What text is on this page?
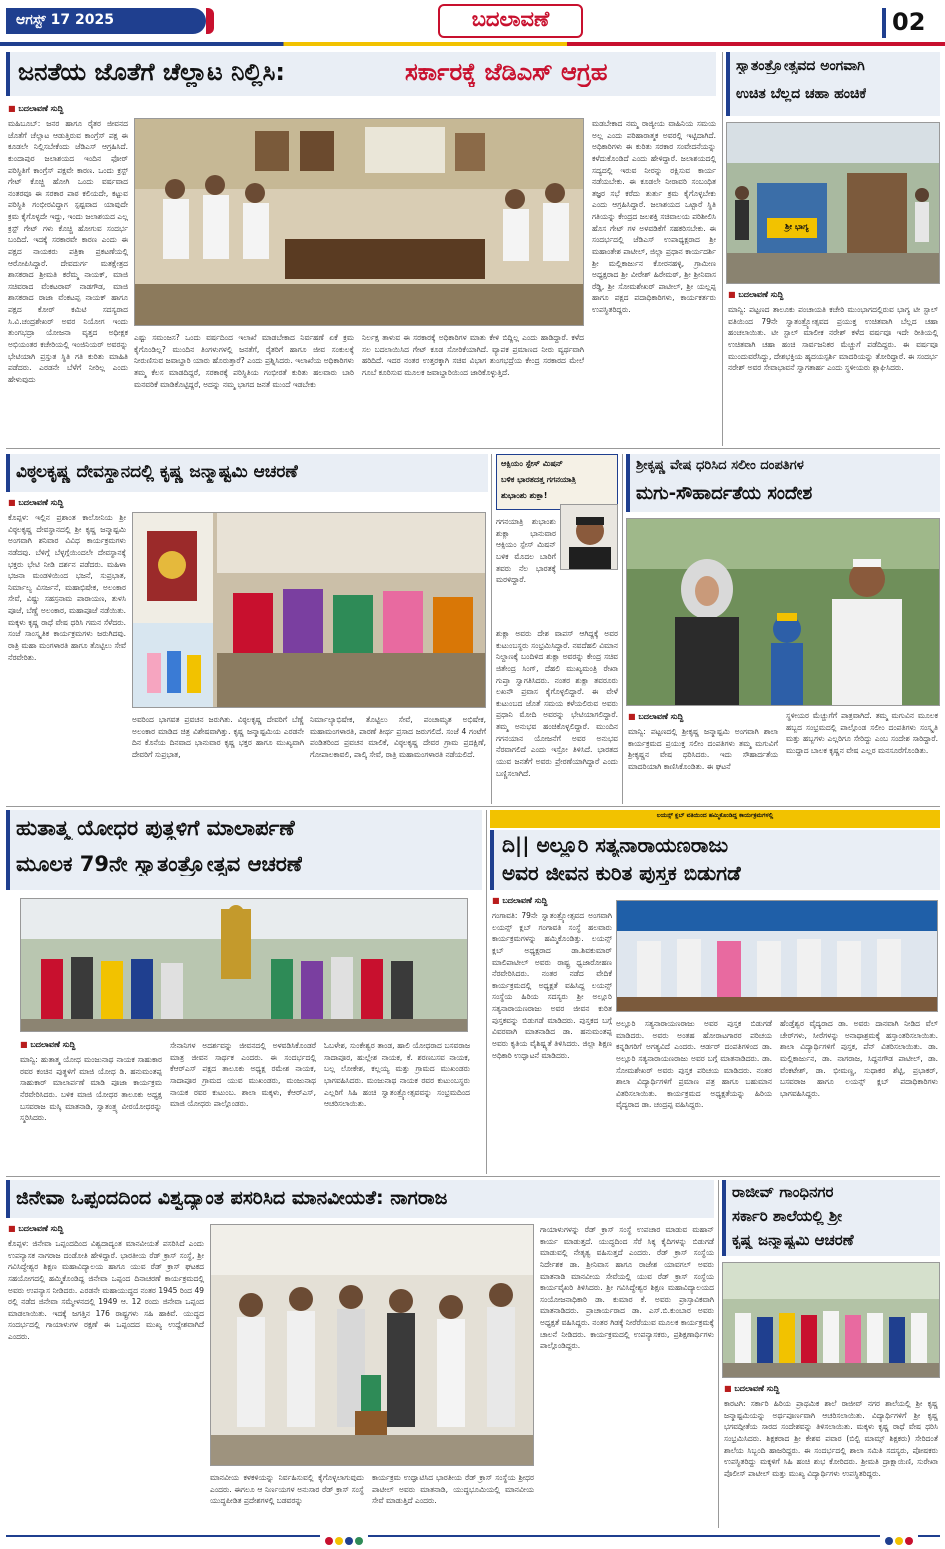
ಆಗಸ್ಟ್ 17 2025	ಬದಲಾವಣೆ	02
ಜನತೆಯ ಜೊತೆಗೆ ಚೆಲ್ಲಾಟ ನಿಲ್ಲಿಸಿ:	ಸರ್ಕಾರಕ್ಕೆ ಜೆಡಿಎಸ್ ಆಗ್ರಹ
■ ಬದಲಾವಣೆ ಸುದ್ದಿ
ಮಹಿಬೂಬ್: ಜನರ ಹಾಗೂ ರೈತರ ಜೀವನದ ಜೊತೆಗೆ ಚೆಲ್ಲಾಟ ಆಡುತ್ತಿರುವ ಕಾಂಗ್ರೆಸ್ ಪಕ್ಷ ಈ ಕೂಡಲೇ ನಿಲ್ಲಿಸಬೇಕೆಂದು ಜೆಡಿಎಸ್ ಆಗ್ರಹಿಸಿದೆ. ಕುಂದಾಪುರ ಜಲಾಶಯದ ಇಂದಿನ ಫೋರ್ ಪರಿಸ್ಥಿತಿಗೆ ಕಾಂಗ್ರೆಸ್ ಪಕ್ಷವೇ ಕಾರಣ. ಒಂದು ಕ್ರಸ್ಟ್ ಗೇಟ್ ಕೊಚ್ಚಿ ಹೋಗಿ ಒಂದು ವರ್ಷವಾದ ನಂತರವೂ ಈ ಸರಕಾರ ಪಾಠ ಕಲಿಯದೇ, ಕಟ್ಟುವ ಪರಿಸ್ಥಿತಿ ಗಂಭೀರವಿದ್ದಾಗ ಸ್ಪಷ್ಟವಾದ ಯಾವುದೇ ಕ್ರಮ ಕೈಗೊಳ್ಳದೇ ಇದ್ದು, ಇಂದು ಜಲಾಶಯದ ಎಲ್ಲ ಕ್ರಸ್ಟ್ ಗೇಟ್ ಗಳು ಕೊಚ್ಚಿ ಹೋಗುವ ಸಂದರ್ಭ ಬಂದಿದೆ. ಇದಕ್ಕೆ ಸರಕಾರವೇ ಕಾರಣ ಎಂದು ಈ ಪಕ್ಷದ ನಾಯಕರು ಪತ್ರಿಕಾ ಪ್ರಕಟಣೆಯಲ್ಲಿ ಆರೋಪಿಸಿದ್ದಾರೆ. ದೇವದುರ್ಗ ಮತಕ್ಷೇತ್ರದ ಶಾಸಕರಾದ ಶ್ರೀಮತಿ ಕರೆಮ್ಮ ನಾಯಕ್, ಮಾಜಿ ಸಚಿವರಾದ ವೆಂಕಟರಾವ್ ನಾಡಗೌಡ, ಮಾಜಿ ಶಾಸಕರಾದ ರಾಜಾ ವೆಂಕಟಪ್ಪ ನಾಯಕ್ ಹಾಗೂ ಪಕ್ಷದ ಕೋರ್ ಕಮಿಟಿ ಸದಸ್ಯರಾದ ಸಿ.ವಿ.ಚಂದ್ರಶೇಖರ್ ಅವರ ನಿಯೋಗ ಇಂದು ತುಂಗಭದ್ರಾ ಯೋಜನಾ ವೃತ್ತದ ಅಧೀಕ್ಷಕ ಅಭಿಯಂತರ ಕಚೇರಿಯಲ್ಲಿ ಇಂಜಿನಿಯರ್ ಅವರನ್ನು ಭೇಟಿಯಾಗಿ ಪ್ರಸ್ತುತ ಸ್ಥಿತಿ ಗತಿ ಕುರಿತು ಮಾಹಿತಿ ಪಡೆದರು. ಎರಡನೇ ಬೆಳೆಗೆ ನೀರಿಲ್ಲ ಎಂದು ಹೇಳುವುದು
ಎಷ್ಟು ಸಮಂಜಸ? ಒಂದು ವರ್ಷದಿಂದ ಇಲಾಖೆ ಮಾಡಬೇಕಾದ ನಿರ್ವಹಣೆ ಏಕೆ ಕ್ರಮ ಕೈಗೊಂಡಿಲ್ಲ? ಮುಂದಿನ ತಿಂಗಳುಗಳಲ್ಲಿ ಜನತೆಗೆ, ರೈತರಿಗೆ ಹಾಗೂ ಜೀವ ಸಂಕುಲಕ್ಕೆ ನೀರುಣಿಸುವ ಜವಾಬ್ದಾರಿ ಯಾರು ಹೊರುತ್ತಾರೆ? ಎಂದು ಪ್ರಶ್ನಿಸಿದರು. ಇಲಾಖೆಯ ಅಧಿಕಾರಿಗಳು ತಮ್ಮ ಕೆಲಸ ಮಾಡದಿದ್ದರೆ, ಸರಕಾರಕ್ಕೆ ಪರಿಸ್ಥಿತಿಯ ಗಂಭೀರತೆ ಕುರಿತು ಹಲವಾರು ಬಾರಿ ಮನವರಿಕೆ ಮಾಡಿಕೊಟ್ಟಿದ್ದರೆ, ಅದನ್ನು ನಮ್ಮ ಭಾಗದ ಜನತೆ ಮುಂದೆ ಇಡಬೇಕು
ನಿರ್ಲಕ್ಷ ತಾಳುವ ಈ ಸರಕಾರಕ್ಕೆ ಅಧಿಕಾರಿಗಳ ಮಾತು ಕೇಳಿ ಬಿದ್ದಿಲ್ಲ ಎಂದು ಹಾಡಿದ್ದಾರೆ. ಕಳೆದ ಸಲ ಬದಲಾಯಿಸಿದ ಗೇಟ್ ಕೂಡ ಸೋರಿಕೆಯಾಗಿದೆ. ವ್ಯಾಪಕ ಪ್ರಮಾಣದ ನೀರು ವ್ಯರ್ಥವಾಗಿ ಹರಿದಿದೆ. ಇದರ ನಂತರ ಉತ್ತರಕ್ಕಾಗಿ ಸಚಿವ ವಿಭಾಗ ತುಂಗಭದ್ರೆಯ ಕೇಂದ್ರ ಸರಕಾರದ ಮೇಲೆ ಗೂಬೆ ಕೂರಿಸುವ ಮೂಲಕ ಜವಾಬ್ದಾರಿಯಿಂದ ಜಾರಿಕೊಳ್ಳುತ್ತಿದೆ.
ಮಡಬೇಕಾದ ನಮ್ಮ ರಾಜ್ಯೀಯ ವಾಹಿನಿಯ ಸಮಯ ಅಲ್ಲ ಎಂದು ಪರಿಹಾರಾತ್ಮಕ ಅವರಲ್ಲಿ ಇಟ್ಟಿದಾಗಿದೆ. ಅಧಿಕಾರಿಗಳು ಈ ಕುರಿತು ಸರಕಾರ ಸಂವೇದನೆಯನ್ನು ಕಳೆದುಕೊಂಡಿದೆ ಎಂದು ಹೇಳಿದ್ದಾರೆ. ಜಲಾಶಯದಲ್ಲಿ ಸದ್ಯದಲ್ಲಿ ಇರುವ ನೀರನ್ನು ರಕ್ಷಿಸುವ ಕಾರ್ಯ ನಡೆಯಬೇಕು. ಈ ಕೂಡಲೇ ನೀರಾವರಿ ಸಂಬಂಧಿತ ತಜ್ಞರ ಸಭೆ ಕರೆದು ತುರ್ತು ಕ್ರಮ ಕೈಗೊಳ್ಳಬೇಕು ಎಂದು ಆಗ್ರಹಿಸಿದ್ದಾರೆ. ಜಲಾಶಯದ ಒಟ್ಟಾರೆ ಸ್ಥಿತಿ ಗತಿಯನ್ನು ಕೇಂದ್ರದ ಜಲಶಕ್ತಿ ಸಚಿವಾಲಯ ಪರಿಶೀಲಿಸಿ ಹೊಸ ಗೇಟ್ ಗಳ ಅಳವಡಿಕೆಗೆ ಸಹಕರಿಸಬೇಕು. ಈ ಸಂದರ್ಭದಲ್ಲಿ ಜೆಡಿಎಸ್ ಉಪಾಧ್ಯಕ್ಷರಾದ ಶ್ರೀ ಮಹಾಂತೇಶ ಪಾಟೀಲ್, ಜಿಲ್ಲಾ ಪ್ರಧಾನ ಕಾರ್ಯದರ್ಶಿ ಶ್ರೀ ಮಲ್ಲಿಕಾರ್ಜುನ ಕೋರನಹಳ್ಳಿ, ಗ್ರಾಮೀಣ ಅಧ್ಯಕ್ಷರಾದ ಶ್ರೀ ವೀರೇಶ್ ಹಿರೇಮಠ್, ಶ್ರೀ ಶ್ರೀನಿವಾಸ ರೆಡ್ಡಿ, ಶ್ರೀ ಸೋಮಶೇಖರ್ ಪಾಟೀಲ್, ಶ್ರೀ ಯಲ್ಲಪ್ಪ ಹಾಗೂ ಪಕ್ಷದ ಪದಾಧಿಕಾರಿಗಳು, ಕಾರ್ಯಕರ್ತರು ಉಪಸ್ಥಿತರಿದ್ದರು.
ಸ್ವಾತಂತ್ರ್ಯೋತ್ಸವದ ಅಂಗವಾಗಿ
ಉಚಿತ ಬೆಲ್ಲದ ಚಹಾ ಹಂಚಿಕೆ
ಶ್ರೀ ಭಾಗ್ಯ
■ ಬದಲಾವಣೆ ಸುದ್ದಿ
ಮಾನ್ವಿ: ಪಟ್ಟಣದ ತಾಲೂಕು ಪಂಚಾಯತಿ ಕಚೇರಿ ಮುಂಭಾಗದಲ್ಲಿರುವ ಭಾಗ್ಯ ಟೀ ಸ್ಟಾಲ್ ವತಿಯಿಂದ 79ನೇ ಸ್ವಾತಂತ್ರ್ಯೋತ್ಸವದ ಪ್ರಯುಕ್ತ ಉಚಿತವಾಗಿ ಬೆಲ್ಲದ ಚಹಾ ಹಂಚಲಾಯಿತು. ಟೀ ಸ್ಟಾಲ್ ಮಾಲೀಕ ನರೇಶ್ ಕಳೆದ ವರ್ಷವೂ ಇದೇ ರೀತಿಯಲ್ಲಿ ಉಚಿತವಾಗಿ ಚಹಾ ಹಂಚಿ ಸಾರ್ವಜನಿಕರ ಮೆಚ್ಚುಗೆ ಪಡೆದಿದ್ದರು. ಈ ವರ್ಷವೂ ಮುಂದುವರೆಸಿದ್ದು, ದೇಶಭಕ್ತಿಯ ಹೃದಯಸ್ಪರ್ಶಿ ಮಾದರಿಯನ್ನು ತೋರಿದ್ದಾರೆ. ಈ ಸಂದರ್ಭ ನರೇಶ್ ಅವರ ಸೇವಾಭಾವನೆ ಸ್ವಾಗತಾರ್ಹ ಎಂದು ಸ್ಥಳೀಯರು ಶ್ಲಾಘಿಸಿದರು.
ವಿಠ್ಠಲಕೃಷ್ಣ ದೇವಸ್ಥಾನದಲ್ಲಿ ಕೃಷ್ಣ ಜನ್ಮಾಷ್ಟಮಿ ಆಚರಣೆ
■ ಬದಲಾವಣೆ ಸುದ್ದಿ
ಕೊಪ್ಪಳ: ಇಲ್ಲಿನ ಪ್ರಶಾಂತ ಕಾಲೋನಿಯ ಶ್ರೀ ವಿಠ್ಠಲಕೃಷ್ಣ ದೇವಸ್ಥಾನದಲ್ಲಿ ಶ್ರೀ ಕೃಷ್ಣ ಜನ್ಮಾಷ್ಟಮಿ ಅಂಗವಾಗಿ ಶನಿವಾರ ವಿವಿಧ ಕಾರ್ಯಕ್ರಮಗಳು ನಡೆದವು. ಬೆಳಿಗ್ಗೆ ಬೆಳ್ಳಗ್ಗೆಯಿಂದಲೇ ದೇವಸ್ಥಾನಕ್ಕೆ ಭಕ್ತರು ಭೇಟಿ ನೀಡಿ ದರ್ಶನ ಪಡೆದರು. ಮಹಿಳಾ ಭಜನಾ ಮಂಡಳಿಯಿಂದ ಭಜನೆ, ಸುಪ್ರಭಾತ, ನಿರ್ಮಾಲ್ಯ ವಿಸರ್ಜನೆ, ಮಹಾಭಿಷೇಕ, ಅಲಂಕಾರ ಸೇವೆ, ವಿಷ್ಣು ಸಹಸ್ರನಾಮ ಪಾರಾಯಣ, ತುಳಸಿ ಪೂಜೆ, ಬೆಣ್ಣೆ ಅಲಂಕಾರ, ಮಹಾಪೂಜೆ ನಡೆಯಿತು. ಮಕ್ಕಳು ಕೃಷ್ಣ ರಾಧೆ ವೇಷ ಧರಿಸಿ ಗಮನ ಸೆಳೆದರು. ಸಂಜೆ ಸಾಂಸ್ಕೃತಿಕ ಕಾರ್ಯಕ್ರಮಗಳು ಜರುಗಿದವು. ರಾತ್ರಿ ಮಹಾ ಮಂಗಳಾರತಿ ಹಾಗೂ ತೊಟ್ಟಿಲು ಸೇವೆ ನೆರವೇರಿತು.
ಅವರಿಂದ ಭಾಗವತ ಪ್ರವಚನ ಜರುಗಿತು. ವಿಠ್ಠಲಕೃಷ್ಣ ದೇವರಿಗೆ ಬೆಣ್ಣೆ ಅಲಂಕಾರ ಮಾಡಿದ ಚಿತ್ರ ವಿಶೇಷವಾಗಿತ್ತು. ಕೃಷ್ಣ ಜನ್ಮಾಷ್ಟಮಿಯ ಎರಡನೇ ದಿನ ಕೊನೆಯ ದಿನವಾದ ಭಾನುವಾರ ಕೃಷ್ಣ ಭಕ್ತರ ಹಾಗೂ ಮುಖ್ಯವಾಗಿ ದೇವರಿಗೆ ಸುಪ್ರಭಾತ,
ನಿರ್ಮಾಲ್ಯಾಭಿಷೇಕ, ತೊಟ್ಟಿಲು ಸೇವೆ, ಪಂಚಾಮೃತ ಅಭಿಷೇಕ, ಮಹಾಮಂಗಳಾರತಿ, ಪಾರಣೆ ತೀರ್ಥ ಪ್ರಸಾದ ಜರುಗಲಿದೆ. ಸಂಜೆ 4 ಗಂಟೆಗೆ ಪಂಡಿತರಿಂದ ಪ್ರವಚನ ಮಾಲಿಕೆ, ವಿಠ್ಠಲಕೃಷ್ಣ ದೇವರ ಗ್ರಾಮ ಪ್ರದಕ್ಷಿಣೆ, ಗೋಪಾಲಕಾವಲಿ, ಪಾಲ್ಕಿ ಸೇವೆ, ರಾತ್ರಿ ಮಹಾಮಂಗಳಾರತಿ ನಡೆಯಲಿದೆ.
ಆಕ್ಸಿಯಂ ಸ್ಪೇಸ್ ಮಿಷನ್
ಬಳಿಕ ಭಾರತದತ್ತ ಗಗನಯಾತ್ರಿ
ಶುಭಾಂಶು ಶುಕ್ಲಾ!
ಗಗನಯಾತ್ರಿ ಶುಭಾಂಶು ಶುಕ್ಲಾ ಭಾನುವಾರ ಆಕ್ಸಿಯಂ ಸ್ಪೇಸ್ ಮಿಷನ್ ಬಳಿಕ ಮೊದಲ ಬಾರಿಗೆ ತವರು ನೆಲ ಭಾರತಕ್ಕೆ ಮರಳಿದ್ದಾರೆ.
ಶುಕ್ಲಾ ಅವರು ದೇಶ ವಾಪಸ್ ಆಗಿದ್ದಕ್ಕೆ ಅವರ ಕುಟುಂಬಸ್ಥರು ಸಂಭ್ರಮಿಸಿದ್ದಾರೆ. ನವದೆಹಲಿ ವಿಮಾನ ನಿಲ್ದಾಣಕ್ಕೆ ಬಂದಿಳಿದ ಶುಕ್ಲಾ ಅವರನ್ನು ಕೇಂದ್ರ ಸಚಿವ ಜಿತೇಂದ್ರ ಸಿಂಗ್, ದೆಹಲಿ ಮುಖ್ಯಮಂತ್ರಿ ರೇಖಾ ಗುಪ್ತಾ ಸ್ವಾಗತಿಸಿದರು. ನಂತರ ಶುಕ್ಲಾ ತವರೂರು ಲಖನೌ ಪ್ರವಾಸ ಕೈಗೊಳ್ಳಲಿದ್ದಾರೆ. ಈ ವೇಳೆ ಕುಟುಂಬದ ಜೊತೆ ಸಮಯ ಕಳೆಯಲಿರುವ ಅವರು ಪ್ರಧಾನಿ ಮೋದಿ ಅವರನ್ನು ಭೇಟಿಯಾಗಲಿದ್ದಾರೆ. ತಮ್ಮ ಅನುಭವ ಹಂಚಿಕೊಳ್ಳಲಿದ್ದಾರೆ. ಮುಂದಿನ ಗಗನಯಾನ ಯೋಜನೆಗೆ ಅವರ ಅನುಭವ ನೆರವಾಗಲಿದೆ ಎಂದು ಇಸ್ರೋ ತಿಳಿಸಿದೆ. ಭಾರತದ ಯುವ ಜನತೆಗೆ ಅವರು ಪ್ರೇರಣೆಯಾಗಿದ್ದಾರೆ ಎಂದು ಬಣ್ಣಿಸಲಾಗಿದೆ.
ಶ್ರೀಕೃಷ್ಣ ವೇಷ ಧರಿಸಿದ ಸಲೀಂ ದಂಪತಿಗಳ
ಮಗು-ಸೌಹಾರ್ದತೆಯ ಸಂದೇಶ
■ ಬದಲಾವಣೆ ಸುದ್ದಿ
ಮಾನ್ವಿ: ಪಟ್ಟಣದಲ್ಲಿ ಶ್ರೀಕೃಷ್ಣ ಜನ್ಮಾಷ್ಟಮಿ ಅಂಗವಾಗಿ ಶಾಲಾ ಕಾರ್ಯಕ್ರಮದ ಪ್ರಯುಕ್ತ ಸಲೀಂ ದಂಪತಿಗಳು ತಮ್ಮ ಮಗುವಿಗೆ ಶ್ರೀಕೃಷ್ಣನ ವೇಷ ಧರಿಸಿದರು. ಇದು ಸೌಹಾರ್ದತೆಯ ಮಾದರಿಯಾಗಿ ಕಾಣಿಸಿಕೊಂಡಿತು. ಈ ಘಟನೆ
ಸ್ಥಳೀಯರ ಮೆಚ್ಚುಗೆಗೆ ಪಾತ್ರವಾಗಿದೆ. ತಮ್ಮ ಮಗುವಿನ ಮೂಲಕ ಹಬ್ಬದ ಸಂಭ್ರಮದಲ್ಲಿ ಪಾಲ್ಗೊಂಡ ಸಲೀಂ ದಂಪತಿಗಳು ಸಂಸ್ಕೃತಿ ಮತ್ತು ಹಬ್ಬಗಳು ಎಲ್ಲರಿಗೂ ಸೇರಿದ್ದು ಎಂಬ ಸಂದೇಶ ಸಾರಿದ್ದಾರೆ. ಮುದ್ದಾದ ಬಾಲಕ ಕೃಷ್ಣನ ವೇಷ ಎಲ್ಲರ ಮನಸೂರೆಗೊಂಡಿತು.
ಹುತಾತ್ಮ ಯೋಧರ ಪುತ್ಥಳಿಗೆ ಮಾಲಾರ್ಪಣೆ
ಮೂಲಕ 79ನೇ ಸ್ವಾತಂತ್ರ್ಯೋತ್ಸವ ಆಚರಣೆ
■ ಬದಲಾವಣೆ ಸುದ್ದಿ
ಮಾನ್ವಿ: ಹುತಾತ್ಮ ಯೋಧ ಮಂಜುನಾಥ ನಾಯಕ ಸಾಹುಕಾರ ರವರ ಕಂಚಿನ ಪುತ್ಥಳಿಗೆ ಮಾಜಿ ಯೋಧ ಡಿ. ಹನುಮಂತಪ್ಪ ಸಾಹುಕಾರ್ ಮಾಲಾರ್ಪಣೆ ಮಾಡಿ ಪೂಜಾ ಕಾರ್ಯಕ್ರಮ ನೆರವೇರಿಸಿದರು. ಬಳಿಕ ಮಾಜಿ ಯೋಧರ ತಾಲೂಕು ಅಧ್ಯಕ್ಷ ಬಸವರಾಜ ಮಸ್ಕಿ ಮಾತನಾಡಿ, ಸ್ವಾತಂತ್ರ್ಯ ವೀರಯೋಧರನ್ನು ಸ್ಮರಿಸಿದರು.
ಸೇನಾನಿಗಳ ಅದರ್ಶವನ್ನು ಜೀವನದಲ್ಲಿ ಅಳವಡಿಸಿಕೊಂಡರೆ ಮಾತ್ರ ಜೀವನ ಸಾರ್ಥಕ ಎಂದರು. ಈ ಸಂದರ್ಭದಲ್ಲಿ ಕೆಆರ್‌ಎಸ್ ಪಕ್ಷದ ತಾಲೂಕು ಅಧ್ಯಕ್ಷ ರಮೇಶ ನಾಯಕ, ಸಾದಾಪೂರ ಗ್ರಾಮದ ಯುವ ಮುಖಂಡರು, ಮಂಜುನಾಥ ನಾಯಕ ರವರ ಕುಟುಂಬ. ಶಾಲಾ ಮಕ್ಕಳು, ಕೆಆರ್‌ಎಸ್, ಮಾಜಿ ಯೋಧರು ಪಾಲ್ಗೊಂಡರು.
ಓಬಳೇಶ, ಸುಂಕೇಶ್ವರ ತಾಂಡ, ಹಾಲಿ ಯೋಧರಾದ ಬಸವರಾಜ ಸಾದಾಪೂರ, ಹುಲ್ಲೇಶ ನಾಯಕ, ಕೆ. ಶರಣಬಸವ ನಾಯಕ, ಬಲ್ಲ ಲೋಕೇಶ, ಕಲ್ಲಯ್ಯ ಮತ್ತು ಗ್ರಾಮದ ಮುಖಂಡರು ಭಾಗವಹಿಸಿದರು. ಮಂಜುನಾಥ ನಾಯಕ ರವರ ಕುಟುಂಬಸ್ಥರು ಎಲ್ಲರಿಗೆ ಸಿಹಿ ಹಂಚಿ ಸ್ವಾತಂತ್ರ್ಯೋತ್ಸವವನ್ನು ಸಂಭ್ರಮದಿಂದ ಆಚರಿಸಲಾಯಿತು.
ಲಯನ್ಸ್ ಕ್ಲಬ್ ವತಿಯಿಂದ ಹಮ್ಮಿಕೊಂಡಿದ್ದ ಕಾರ್ಯಕ್ರಮಗಳಲ್ಲಿ
ದಿ|| ಅಲ್ಲೂರಿ ಸತ್ಯನಾರಾಯಣರಾಜು
ಅವರ ಜೀವನ ಕುರಿತ ಪುಸ್ತಕ ಬಿಡುಗಡೆ
■ ಬದಲಾವಣೆ ಸುದ್ದಿ
ಗಂಗಾವತಿ: 79ನೇ ಸ್ವಾತಂತ್ರ್ಯೋತ್ಸವದ ಅಂಗವಾಗಿ ಲಯನ್ಸ್ ಕ್ಲಬ್ ಗಂಗಾವತಿ ಸಂಸ್ಥೆ ಹಲವಾರು ಕಾರ್ಯಕ್ರಮಗಳನ್ನು ಹಮ್ಮಿಕೊಂಡಿತ್ತು. ಲಯನ್ಸ್ ಕ್ಲಬ್ ಅಧ್ಯಕ್ಷರಾದ ಡಾ.ಶಿವಕುಮಾರ್ ಮಾಲಿಪಾಟೀಲ್ ಅವರು ರಾಷ್ಟ್ರ ಧ್ವಜಾರೋಹಣ ನೆರವೇರಿಸಿದರು. ನಂತರ ನಡೆದ ವೇದಿಕೆ ಕಾರ್ಯಕ್ರಮದಲ್ಲಿ ಅಧ್ಯಕ್ಷತೆ ವಹಿಸಿದ್ದ ಲಯನ್ಸ್ ಸಂಸ್ಥೆಯ ಹಿರಿಯ ಸದಸ್ಯರು ಶ್ರೀ ಅಲ್ಲೂರಿ ಸತ್ಯನಾರಾಯಣರಾಜು ಅವರ ಜೀವನ ಕುರಿತ ಪುಸ್ತಕವನ್ನು ಬಿಡುಗಡೆ ಮಾಡಿದರು. ಪುಸ್ತಕದ ಬಗ್ಗೆ ವಿವರವಾಗಿ ಮಾತನಾಡಿದ ಡಾ. ಹನುಮಂತಪ್ಪ ಅವರು ಕೃತಿಯ ವೈಶಿಷ್ಟ್ಯತೆ ತಿಳಿಸಿದರು. ಜಿಲ್ಲಾ ಶಿಕ್ಷಣ ಅಧಿಕಾರಿ ಉದ್ಘಾಟನೆ ಮಾಡಿದರು.
ಅಲ್ಲೂರಿ ಸತ್ಯನಾರಾಯಣರಾಜು ಅವರ ಪುಸ್ತಕ ಬಿಡುಗಡೆ ಮಾಡಿದರು. ಅವರು ಅಂತಹ ಹೋರಾಟಗಾರರ ಪರಿಚಯ ಕನ್ನಡಿಗರಿಗೆ ಅಗತ್ಯವಿದೆ ಎಂದರು. ಆರ್ಡರ್ ದಂಪತಿಗಳಿಂದ ಡಾ. ಅಲ್ಲೂರಿ ಸತ್ಯನಾರಾಯಣರಾಜು ಅವರ ಬಗ್ಗೆ ಮಾತನಾಡಿದರು. ಡಾ. ಸೋಮಶೇಖರ್ ಅವರು ಪುಸ್ತಕ ಪರಿಚಯ ಮಾಡಿದರು. ನಂತರ ಶಾಲಾ ವಿದ್ಯಾರ್ಥಿಗಳಿಗೆ ಪ್ರಮಾಣ ಪತ್ರ ಹಾಗೂ ಬಹುಮಾನ ವಿತರಿಸಲಾಯಿತು. ಕಾರ್ಯಕ್ರಮದ ಅಧ್ಯಕ್ಷತೆಯನ್ನು ಹಿರಿಯ ವೈದ್ಯರಾದ ಡಾ. ಚಂದ್ರಪ್ಪ ವಹಿಸಿದ್ದರು.
ಹೆಂಡ್ತೆಶ್ವರ ವೈದ್ಯರಾದ ಡಾ. ಅವರು ದಾನವಾಗಿ ನೀಡಿದ ವೆಲ್ ಚೇರ್‌ಗಳು, ಸೀರೆಗಳನ್ನು ಅನಾಥಾಶ್ರಮಕ್ಕೆ ಹಸ್ತಾಂತರಿಸಲಾಯಿತು. ಶಾಲಾ ವಿದ್ಯಾರ್ಥಿಗಳಿಗೆ ಪುಸ್ತಕ, ಪೆನ್ ವಿತರಿಸಲಾಯಿತು. ಡಾ. ಮಲ್ಲಿಕಾರ್ಜುನ, ಡಾ. ನಾಗರಾಜ, ಸಿದ್ದನಗೌಡ ಪಾಟೀಲ್, ಡಾ. ವೆಂಕಟೇಶ್, ಡಾ. ಭೀಮಣ್ಣ, ಸುಧಾಕರ ಶೆಟ್ಟಿ, ಪ್ರಭಾಕರ್, ಬಸವರಾಜ ಹಾಗೂ ಲಯನ್ಸ್ ಕ್ಲಬ್ ಪದಾಧಿಕಾರಿಗಳು ಭಾಗವಹಿಸಿದ್ದರು.
ಜಿನೇವಾ ಒಪ್ಪಂದದಿಂದ ವಿಶ್ವದ್ಯಾಂತ ಪಸರಿಸಿದ ಮಾನವೀಯತೆ: ನಾಗರಾಜ
■ ಬದಲಾವಣೆ ಸುದ್ದಿ
ಕೊಪ್ಪಳ: ಜಿನೇವಾ ಒಪ್ಪಂದದಿಂದ ವಿಶ್ವದಾದ್ಯಂತ ಮಾನವೀಯತೆ ಪಸರಿಸಿದೆ ಎಂದು ಉಪನ್ಯಾಸಕ ನಾಗರಾಜ ದಂಡೋತಿ ಹೇಳಿದ್ದಾರೆ. ಭಾರತೀಯ ರೆಡ್ ಕ್ರಾಸ್ ಸಂಸ್ಥೆ, ಶ್ರೀ ಗವಿಸಿದ್ಧೇಶ್ವರ ಶಿಕ್ಷಣ ಮಹಾವಿದ್ಯಾಲಯ ಹಾಗೂ ಯುವ ರೆಡ್ ಕ್ರಾಸ್ ಘಟಕದ ಸಹಯೋಗದಲ್ಲಿ ಹಮ್ಮಿಕೊಂಡಿದ್ದ ಜಿನೇವಾ ಒಪ್ಪಂದ ದಿನಾಚರಣೆ ಕಾರ್ಯಕ್ರಮದಲ್ಲಿ ಅವರು ಉಪನ್ಯಾಸ ನೀಡಿದರು. ಎರಡನೇ ಮಹಾಯುದ್ಧದ ನಂತರ 1945 ರಿಂದ 49 ರಲ್ಲಿ ನಡೆದ ಜಿನೇವಾ ಸಮ್ಮೇಳನದಲ್ಲಿ 1949 ಆ. 12 ರಂದು ಜಿನೇವಾ ಒಪ್ಪಂದ ಮಾಡಲಾಯಿತು. ಇದಕ್ಕೆ ಜಗತ್ತಿನ 176 ರಾಷ್ಟ್ರಗಳು ಸಹಿ ಹಾಕಿವೆ. ಯುದ್ಧದ ಸಂದರ್ಭದಲ್ಲಿ ಗಾಯಾಳುಗಳ ರಕ್ಷಣೆ ಈ ಒಪ್ಪಂದದ ಮುಖ್ಯ ಉದ್ದೇಶವಾಗಿದೆ ಎಂದರು.
ಮಾನವೀಯ ಕಳಕಳಿಯನ್ನು ನಿರ್ವಹಿಸುವಲ್ಲಿ ಕೈಗೊಳ್ಳಲಾಗುವುದು ಎಂದರು. ಈಗಲೂ ಆ ನಿರ್ಣಯಗಳ ಅನುಸಾರ ರೆಡ್ ಕ್ರಾಸ್ ಸಂಸ್ಥೆ ಯುದ್ಧಪೀಡಿತ ಪ್ರದೇಶಗಳಲ್ಲಿ ಬಡವರನ್ನು
ಕಾರ್ಯಕ್ರಮ ಉದ್ಘಾಟಿಸಿದ ಭಾರತೀಯ ರೆಡ್ ಕ್ರಾಸ್ ಸಂಸ್ಥೆಯ ಶ್ರೀಧರ ಪಾಟೀಲ್ ಅವರು ಮಾತನಾಡಿ, ಯುದ್ಧಭೂಮಿಯಲ್ಲಿ ಮಾನವೀಯ ಸೇವೆ ಮಾಡುತ್ತಿದೆ ಎಂದರು.
ಗಾಯಾಳುಗಳನ್ನು ರೆಡ್ ಕ್ರಾಸ್ ಸಂಸ್ಥೆ ಉಪಚಾರ ಮಾಡುವ ಮಹಾನ್ ಕಾರ್ಯ ಮಾಡುತ್ತದೆ. ಯುದ್ಧದಿಂದ ಸೆರೆ ಸಿಕ್ಕ ಕೈದಿಗಳನ್ನು ಬಿಡುಗಡೆ ಮಾಡುವಲ್ಲಿ ನೇತೃತ್ವ ವಹಿಸುತ್ತದೆ ಎಂದರು. ರೆಡ್ ಕ್ರಾಸ್ ಸಂಸ್ಥೆಯ ನಿರ್ದೇಶಕ ಡಾ. ಶ್ರೀನಿವಾಸ ಹಾಗೂ ರಾಜೇಶ ಯಾವಗಲ್ ಅವರು ಮಾತನಾಡಿ ಮಾನವೀಯ ಸೇವೆಯಲ್ಲಿ ಯುವ ರೆಡ್ ಕ್ರಾಸ್ ಸಂಸ್ಥೆಯ ಕಾರ್ಯವೈಖರಿ ತಿಳಿಸಿದರು. ಶ್ರೀ ಗವಿಸಿದ್ಧೇಶ್ವರ ಶಿಕ್ಷಣ ಮಹಾವಿದ್ಯಾಲಯದ ಸಂಯೋಜನಾಧಿಕಾರಿ ಡಾ. ಕುಮಾರ ಕೆ. ಅವರು ಪ್ರಾಸ್ತಾವಿಕವಾಗಿ ಮಾತನಾಡಿದರು. ಪ್ರಾಚಾರ್ಯರಾದ ಡಾ. ಎಸ್.ಬಿ.ಕುಂಬಾರ ಅವರು ಅಧ್ಯಕ್ಷತೆ ವಹಿಸಿದ್ದರು. ನಂತರ ಗಿಡಕ್ಕೆ ನೀರೆರೆಯುವ ಮೂಲಕ ಕಾರ್ಯಕ್ರಮಕ್ಕೆ ಚಾಲನೆ ನೀಡಿದರು. ಕಾರ್ಯಕ್ರಮದಲ್ಲಿ ಉಪನ್ಯಾಸಕರು, ಪ್ರಶಿಕ್ಷಣಾರ್ಥಿಗಳು ಪಾಲ್ಗೊಂಡಿದ್ದರು.
ರಾಜೀವ್ ಗಾಂಧಿನಗರ
ಸರ್ಕಾರಿ ಶಾಲೆಯಲ್ಲಿ ಶ್ರೀ
ಕೃಷ್ಣ ಜನ್ಮಾಷ್ಟಮಿ ಆಚರಣೆ
■ ಬದಲಾವಣೆ ಸುದ್ದಿ
ಕಾರಟಗಿ: ಸರ್ಕಾರಿ ಹಿರಿಯ ಪ್ರಾಥಮಿಕ ಶಾಲೆ ರಾಜೀವ್ ನಗರ ಶಾಲೆಯಲ್ಲಿ ಶ್ರೀ ಕೃಷ್ಣ ಜನ್ಮಾಷ್ಟಮಿಯನ್ನು ಅರ್ಥಪೂರ್ಣವಾಗಿ ಆಚರಿಸಲಾಯಿತು. ವಿದ್ಯಾರ್ಥಿಗಳಿಗೆ ಶ್ರೀ ಕೃಷ್ಣ ಭಗವದ್ಗೀತೆಯ ಸಾರದ ಸಂದೇಶವನ್ನು ತಿಳಿಸಲಾಯಿತು. ಮಕ್ಕಳು ಕೃಷ್ಣ ರಾಧೆ ವೇಷ ಧರಿಸಿ ಸಂಭ್ರಮಿಸಿದರು. ಶಿಕ್ಷಕರಾದ ಶ್ರೀ ಕೇಶವ ಪವಾರ (ಬಿಲ್ಟಿ ಮಾಮ್ಸ್ ಶಿಕ್ಷಕರು) ಸೇರಿದಂತೆ ಶಾಲೆಯ ಸಿಬ್ಬಂದಿ ಹಾಜರಿದ್ದರು. ಈ ಸಂದರ್ಭದಲ್ಲಿ ಶಾಲಾ ಸಮಿತಿ ಸದಸ್ಯರು, ಪೋಷಕರು ಉಪಸ್ಥಿತರಿದ್ದು ಮಕ್ಕಳಿಗೆ ಸಿಹಿ ಹಂಚಿ ಶುಭ ಕೋರಿದರು. ಶ್ರೀಮತಿ ದ್ರಾಕ್ಷಾಯಿಣಿ, ಸುರೇಖಾ ಪೊಲೀಸ್ ಪಾಟೀಲ್ ಮತ್ತು ಮುಖ್ಯ ವಿದ್ಯಾರ್ಥಿಗಳು ಉಪಸ್ಥಿತರಿದ್ದರು.
